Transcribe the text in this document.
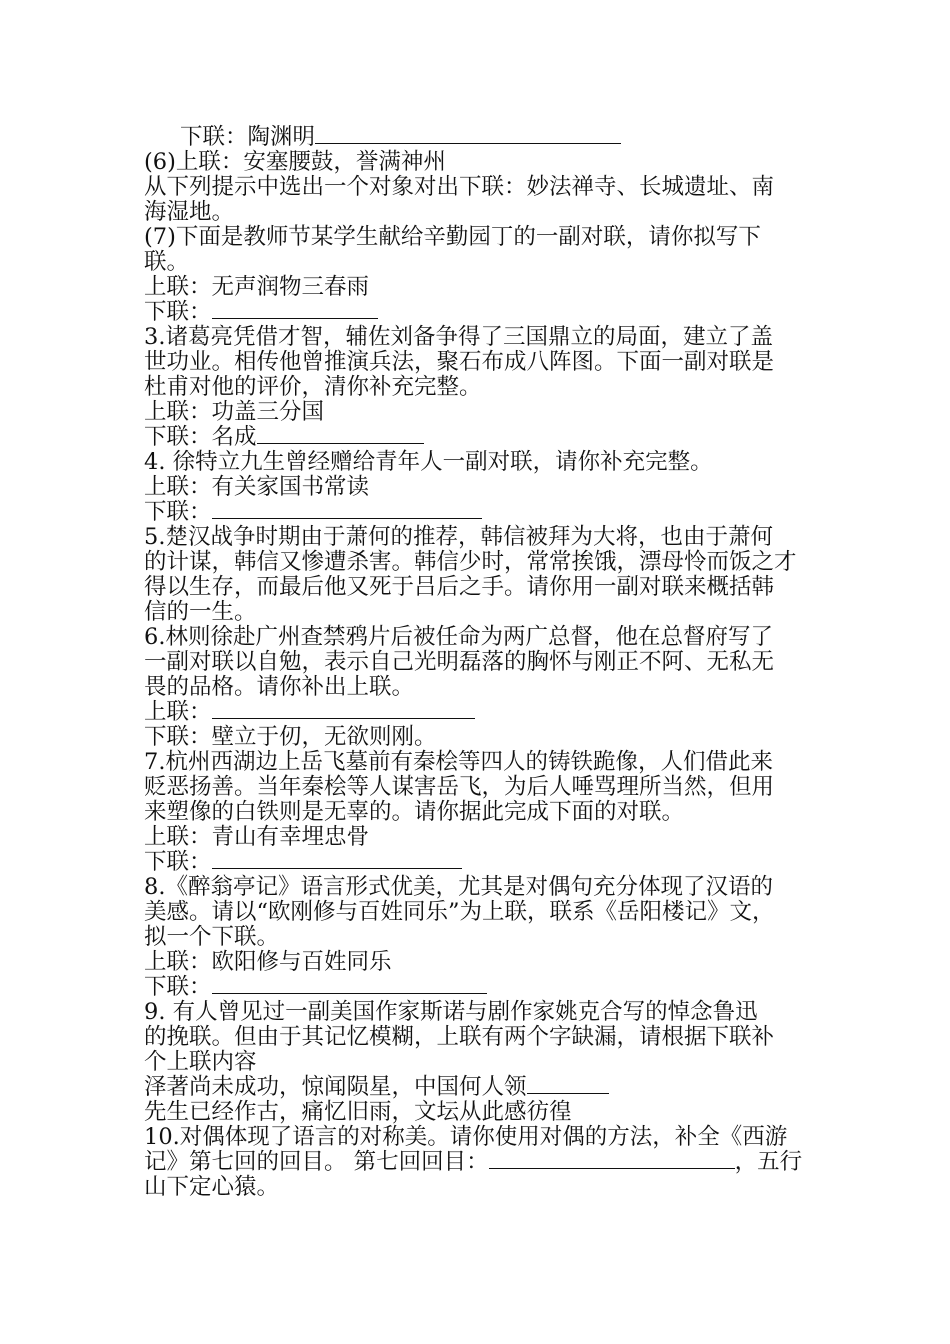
下联：陶渊明
(6)上联：安塞腰鼓，誉满神州
从下列提示中选出一个对象对出下联：妙法禅寺、长城遗址、南
海湿地。
(7)下面是教师节某学生献给辛勤园丁的一副对联，请你拟写下
联。
上联：无声润物三春雨
下联：
3.诸葛亮凭借才智，辅佐刘备争得了三国鼎立的局面，建立了盖
世功业。相传他曾推演兵法，聚石布成八阵图。下面一副对联是
杜甫对他的评价，清你补充完整。
上联：功盖三分国
下联：名成
4. 徐特立九生曾经赠给青年人一副对联，请你补充完整。
上联：有关家国书常读
下联：
5.楚汉战争时期由于萧何的推荐，韩信被拜为大将，也由于萧何
的计谋，韩信又惨遭杀害。韩信少时，常常挨饿，漂母怜而饭之才
得以生存，而最后他又死于吕后之手。请你用一副对联来概括韩
信的一生。
6.林则徐赴广州查禁鸦片后被任命为两广总督，他在总督府写了
一副对联以自勉，表示自己光明磊落的胸怀与刚正不阿、无私无
畏的品格。请你补出上联。
上联：
下联：壁立于仞，无欲则刚。
7.杭州西湖边上岳飞墓前有秦桧等四人的铸铁跪像，人们借此来
贬恶扬善。当年秦桧等人谋害岳飞，为后人唾骂理所当然，但用
来塑像的白铁则是无辜的。请你据此完成下面的对联。
上联：青山有幸埋忠骨
下联：
8.《醉翁亭记》语言形式优美，尤其是对偶句充分体现了汉语的
美感。请以“欧刚修与百姓同乐”为上联，联系《岳阳楼记》文，
拟一个下联。
上联：欧阳修与百姓同乐
下联：
9. 有人曾见过一副美国作家斯诺与剧作家姚克合写的悼念鲁迅
的挽联。但由于其记忆模糊，上联有两个字缺漏，请根据下联补
个上联内容
泽著尚未成功，惊闻陨星，中国何人领
先生已经作古，痛忆旧雨，文坛从此感彷徨
10.对偶体现了语言的对称美。请你使用对偶的方法，补全《西游
记》第七回的回目。 第七回回目：	，五行
山下定心猿。
